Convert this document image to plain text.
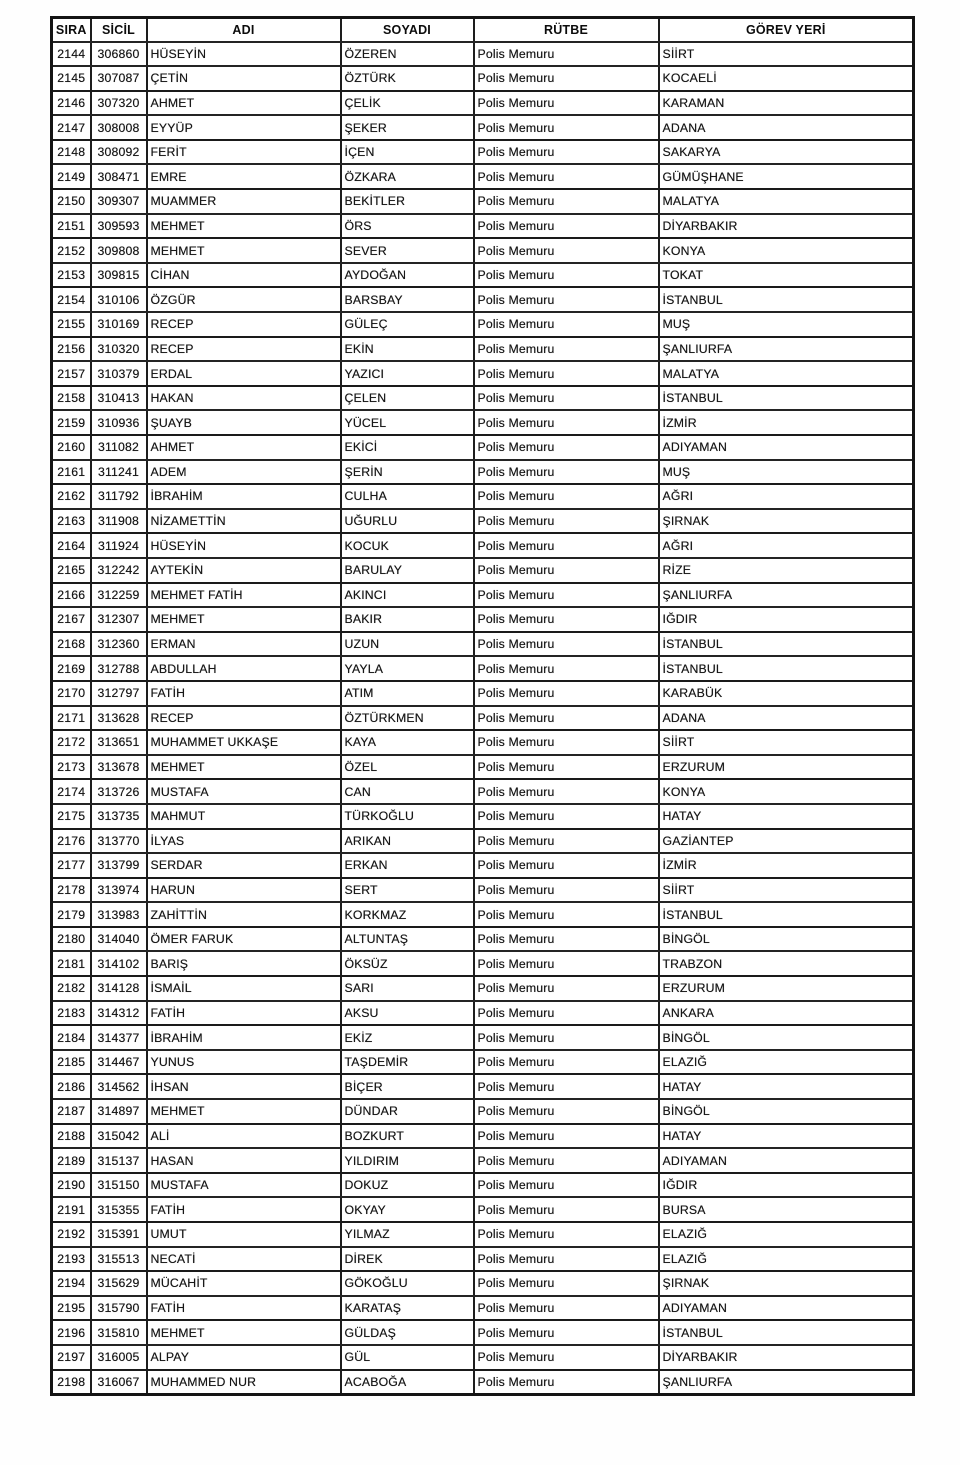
SIRA	SİCİL	ADI	SOYADI	RÜTBE	GÖREV YERİ
2144	306860	HÜSEYİN	ÖZEREN	Polis Memuru	SİİRT
2145	307087	ÇETİN	ÖZTÜRK	Polis Memuru	KOCAELİ
2146	307320	AHMET	ÇELİK	Polis Memuru	KARAMAN
2147	308008	EYYÜP	ŞEKER	Polis Memuru	ADANA
2148	308092	FERİT	İÇEN	Polis Memuru	SAKARYA
2149	308471	EMRE	ÖZKARA	Polis Memuru	GÜMÜŞHANE
2150	309307	MUAMMER	BEKİTLER	Polis Memuru	MALATYA
2151	309593	MEHMET	ÖRS	Polis Memuru	DİYARBAKIR
2152	309808	MEHMET	SEVER	Polis Memuru	KONYA
2153	309815	CİHAN	AYDOĞAN	Polis Memuru	TOKAT
2154	310106	ÖZGÜR	BARSBAY	Polis Memuru	İSTANBUL
2155	310169	RECEP	GÜLEÇ	Polis Memuru	MUŞ
2156	310320	RECEP	EKİN	Polis Memuru	ŞANLIURFA
2157	310379	ERDAL	YAZICI	Polis Memuru	MALATYA
2158	310413	HAKAN	ÇELEN	Polis Memuru	İSTANBUL
2159	310936	ŞUAYB	YÜCEL	Polis Memuru	İZMİR
2160	311082	AHMET	EKİCİ	Polis Memuru	ADIYAMAN
2161	311241	ADEM	ŞERİN	Polis Memuru	MUŞ
2162	311792	İBRAHİM	CULHA	Polis Memuru	AĞRI
2163	311908	NİZAMETTİN	UĞURLU	Polis Memuru	ŞIRNAK
2164	311924	HÜSEYİN	KOCUK	Polis Memuru	AĞRI
2165	312242	AYTEKİN	BARULAY	Polis Memuru	RİZE
2166	312259	MEHMET FATİH	AKINCI	Polis Memuru	ŞANLIURFA
2167	312307	MEHMET	BAKIR	Polis Memuru	IĞDIR
2168	312360	ERMAN	UZUN	Polis Memuru	İSTANBUL
2169	312788	ABDULLAH	YAYLA	Polis Memuru	İSTANBUL
2170	312797	FATİH	ATIM	Polis Memuru	KARABÜK
2171	313628	RECEP	ÖZTÜRKMEN	Polis Memuru	ADANA
2172	313651	MUHAMMET UKKAŞE	KAYA	Polis Memuru	SİİRT
2173	313678	MEHMET	ÖZEL	Polis Memuru	ERZURUM
2174	313726	MUSTAFA	CAN	Polis Memuru	KONYA
2175	313735	MAHMUT	TÜRKOĞLU	Polis Memuru	HATAY
2176	313770	İLYAS	ARIKAN	Polis Memuru	GAZİANTEP
2177	313799	SERDAR	ERKAN	Polis Memuru	İZMİR
2178	313974	HARUN	SERT	Polis Memuru	SİİRT
2179	313983	ZAHİTTİN	KORKMAZ	Polis Memuru	İSTANBUL
2180	314040	ÖMER FARUK	ALTUNTAŞ	Polis Memuru	BİNGÖL
2181	314102	BARIŞ	ÖKSÜZ	Polis Memuru	TRABZON
2182	314128	İSMAİL	SARI	Polis Memuru	ERZURUM
2183	314312	FATİH	AKSU	Polis Memuru	ANKARA
2184	314377	İBRAHİM	EKİZ	Polis Memuru	BİNGÖL
2185	314467	YUNUS	TAŞDEMİR	Polis Memuru	ELAZIĞ
2186	314562	İHSAN	BİÇER	Polis Memuru	HATAY
2187	314897	MEHMET	DÜNDAR	Polis Memuru	BİNGÖL
2188	315042	ALİ	BOZKURT	Polis Memuru	HATAY
2189	315137	HASAN	YILDIRIM	Polis Memuru	ADIYAMAN
2190	315150	MUSTAFA	DOKUZ	Polis Memuru	IĞDIR
2191	315355	FATİH	OKYAY	Polis Memuru	BURSA
2192	315391	UMUT	YILMAZ	Polis Memuru	ELAZIĞ
2193	315513	NECATİ	DİREK	Polis Memuru	ELAZIĞ
2194	315629	MÜCAHİT	GÖKOĞLU	Polis Memuru	ŞIRNAK
2195	315790	FATİH	KARATAŞ	Polis Memuru	ADIYAMAN
2196	315810	MEHMET	GÜLDAŞ	Polis Memuru	İSTANBUL
2197	316005	ALPAY	GÜL	Polis Memuru	DİYARBAKIR
2198	316067	MUHAMMED NUR	ACABOĞA	Polis Memuru	ŞANLIURFA
